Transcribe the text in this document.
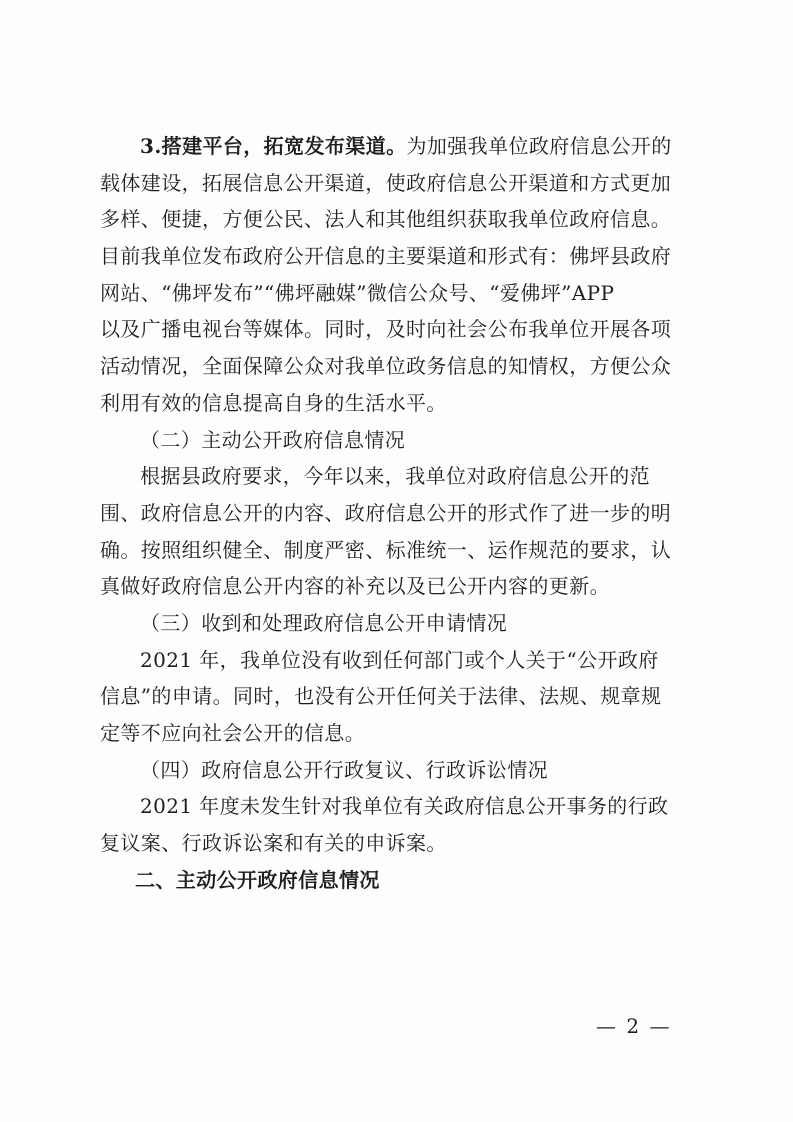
3.搭建平台，拓宽发布渠道。为加强我单位政府信息公开的
载体建设，拓展信息公开渠道，使政府信息公开渠道和方式更加
多样、便捷，方便公民、法人和其他组织获取我单位政府信息。
目前我单位发布政府公开信息的主要渠道和形式有：佛坪县政府
网站、“佛坪发布”“佛坪融媒”微信公众号、“爱佛坪”APP
以及广播电视台等媒体。同时，及时向社会公布我单位开展各项
活动情况，全面保障公众对我单位政务信息的知情权，方便公众
利用有效的信息提高自身的生活水平。
（二）主动公开政府信息情况
根据县政府要求，今年以来，我单位对政府信息公开的范
围、政府信息公开的内容、政府信息公开的形式作了进一步的明
确。按照组织健全、制度严密、标准统一、运作规范的要求，认
真做好政府信息公开内容的补充以及已公开内容的更新。
（三）收到和处理政府信息公开申请情况
2021 年，我单位没有收到任何部门或个人关于“公开政府
信息”的申请。同时，也没有公开任何关于法律、法规、规章规
定等不应向社会公开的信息。
（四）政府信息公开行政复议、行政诉讼情况
2021 年度未发生针对我单位有关政府信息公开事务的行政
复议案、行政诉讼案和有关的申诉案。
二、主动公开政府信息情况
— 2 —
